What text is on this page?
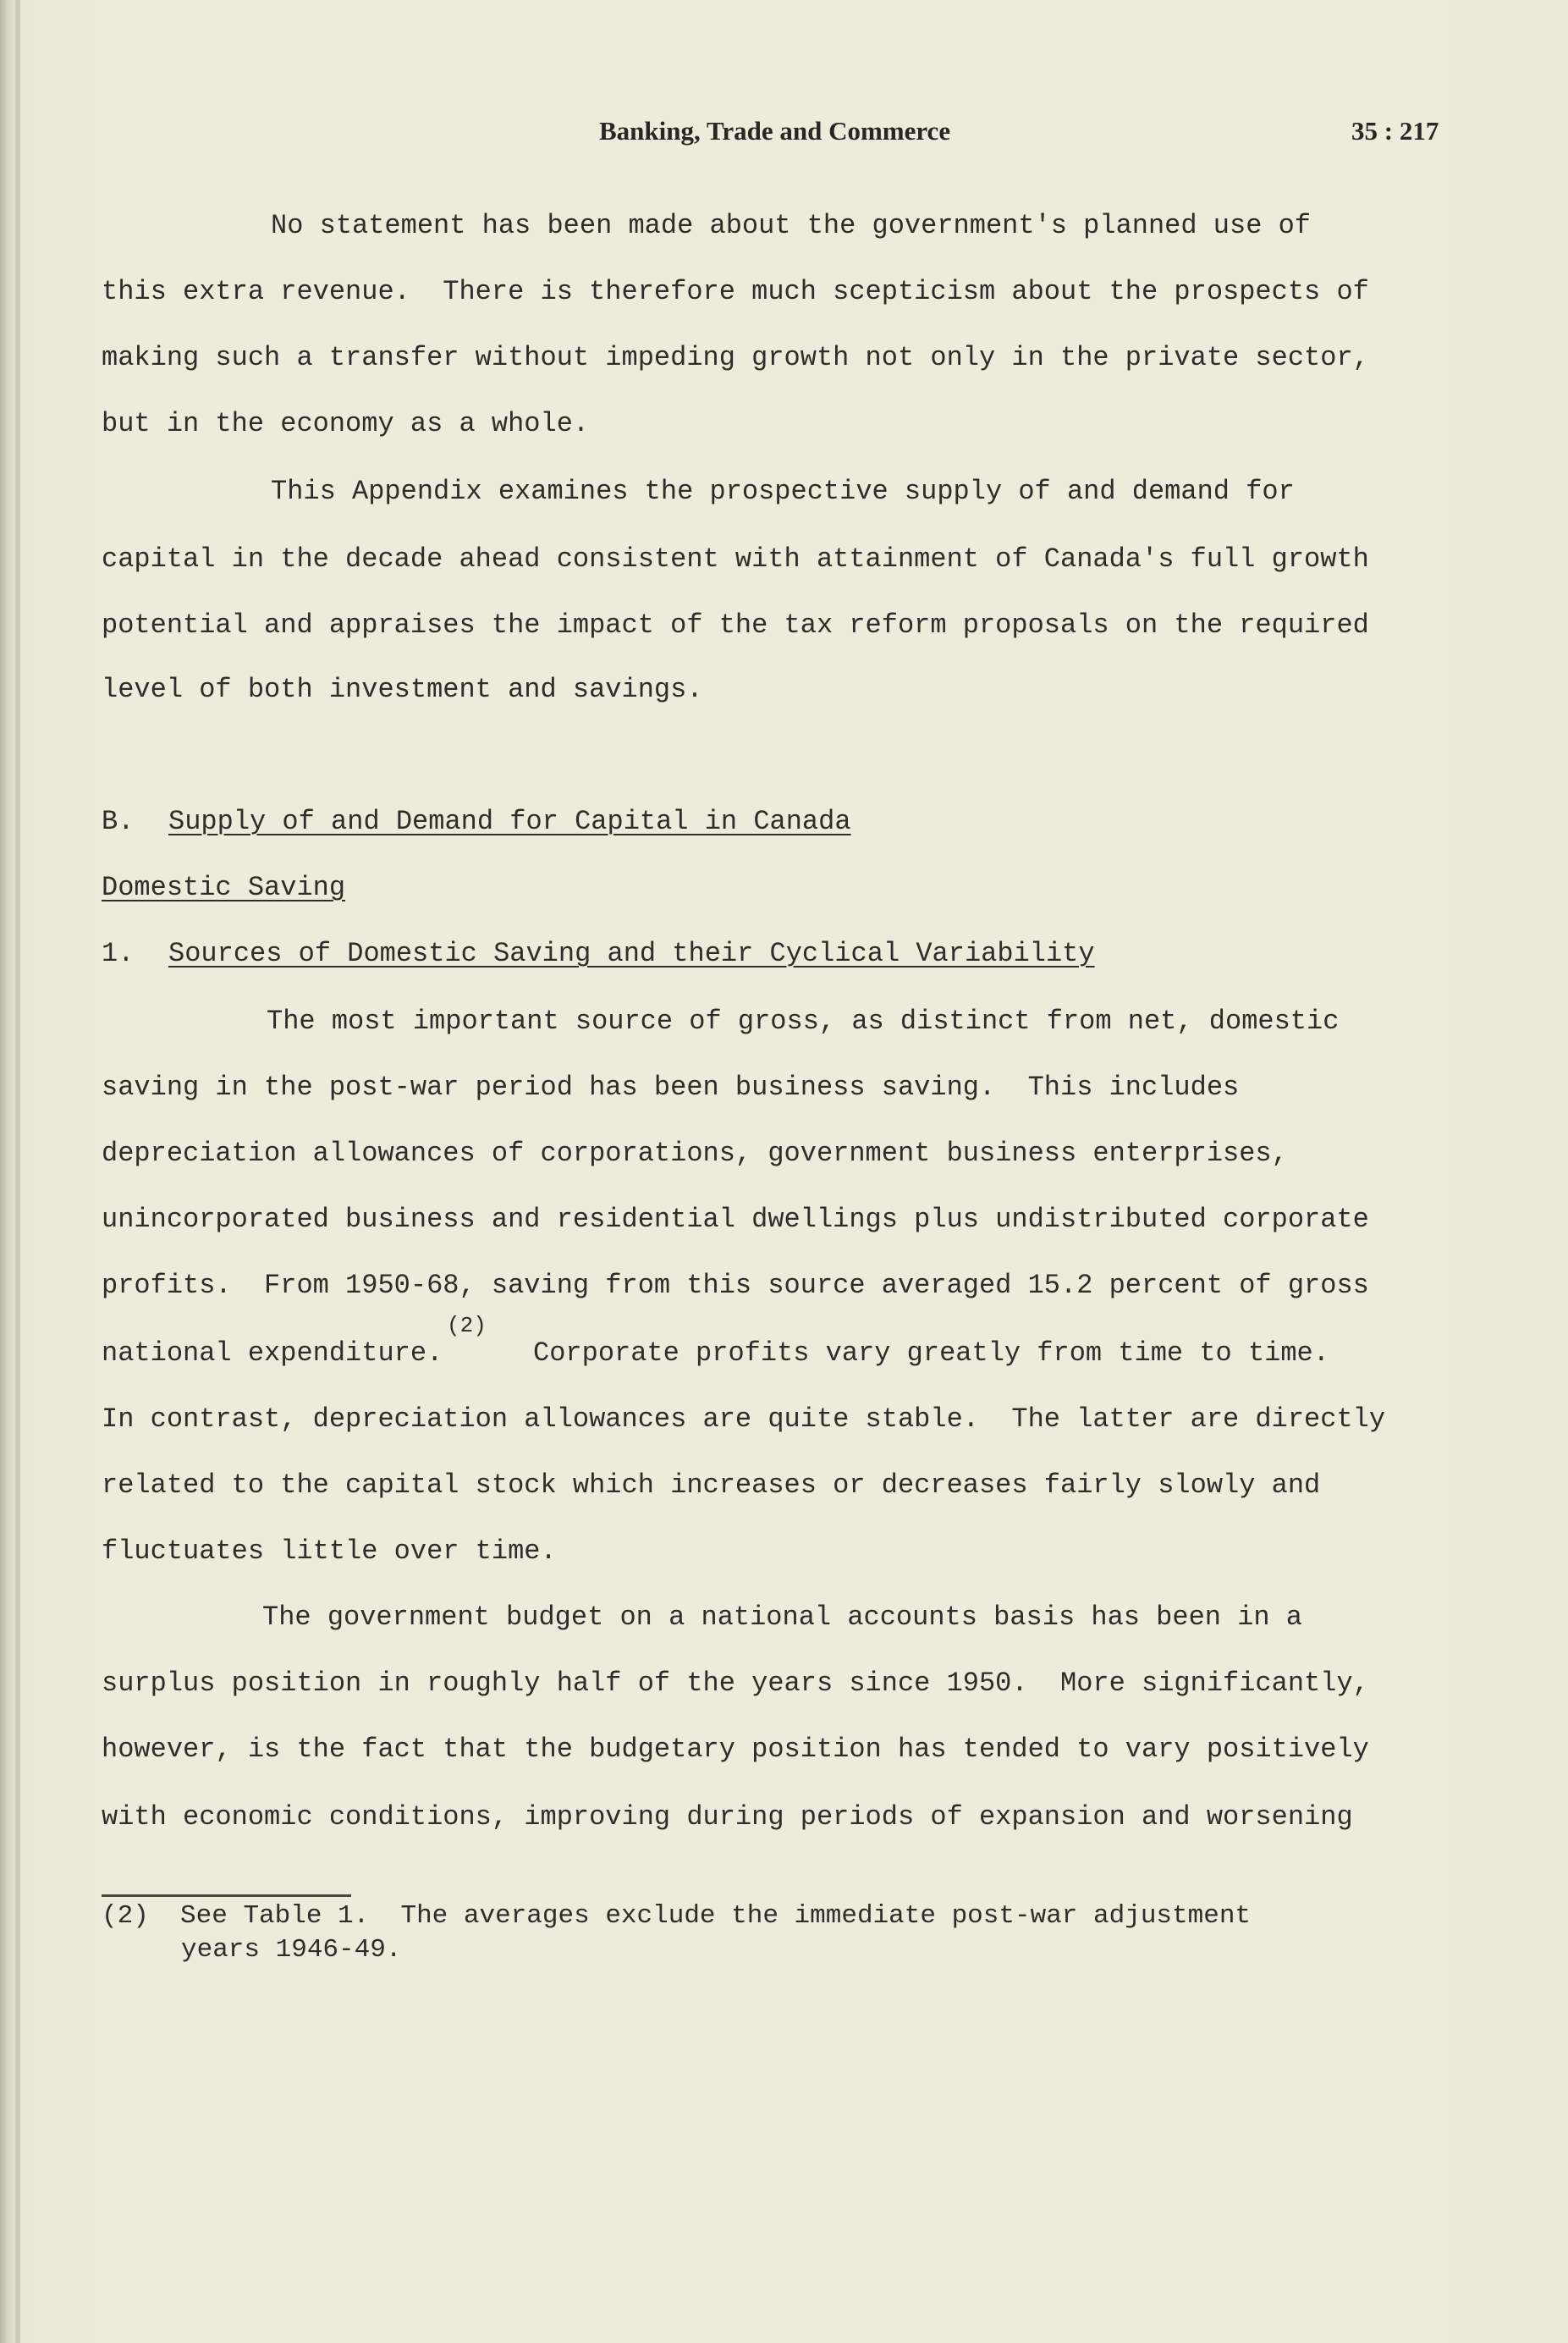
Banking, Trade and Commerce	35 : 217
No statement has been made about the government's planned use of
this extra revenue.  There is therefore much scepticism about the prospects of
making such a transfer without impeding growth not only in the private sector,
but in the economy as a whole.
This Appendix examines the prospective supply of and demand for
capital in the decade ahead consistent with attainment of Canada's full growth
potential and appraises the impact of the tax reform proposals on the required
level of both investment and savings.
B. Supply of and Demand for Capital in Canada
Domestic Saving
1. Sources of Domestic Saving and their Cyclical Variability
The most important source of gross, as distinct from net, domestic
saving in the post-war period has been business saving.  This includes
depreciation allowances of corporations, government business enterprises,
unincorporated business and residential dwellings plus undistributed corporate
profits.  From 1950-68, saving from this source averaged 15.2 percent of gross
national expenditure.
(2)
Corporate profits vary greatly from time to time.
In contrast, depreciation allowances are quite stable.  The latter are directly
related to the capital stock which increases or decreases fairly slowly and
fluctuates little over time.
The government budget on a national accounts basis has been in a
surplus position in roughly half of the years since 1950.  More significantly,
however, is the fact that the budgetary position has tended to vary positively
with economic conditions, improving during periods of expansion and worsening
(2) See Table 1.  The averages exclude the immediate post-war adjustment
years 1946-49.
